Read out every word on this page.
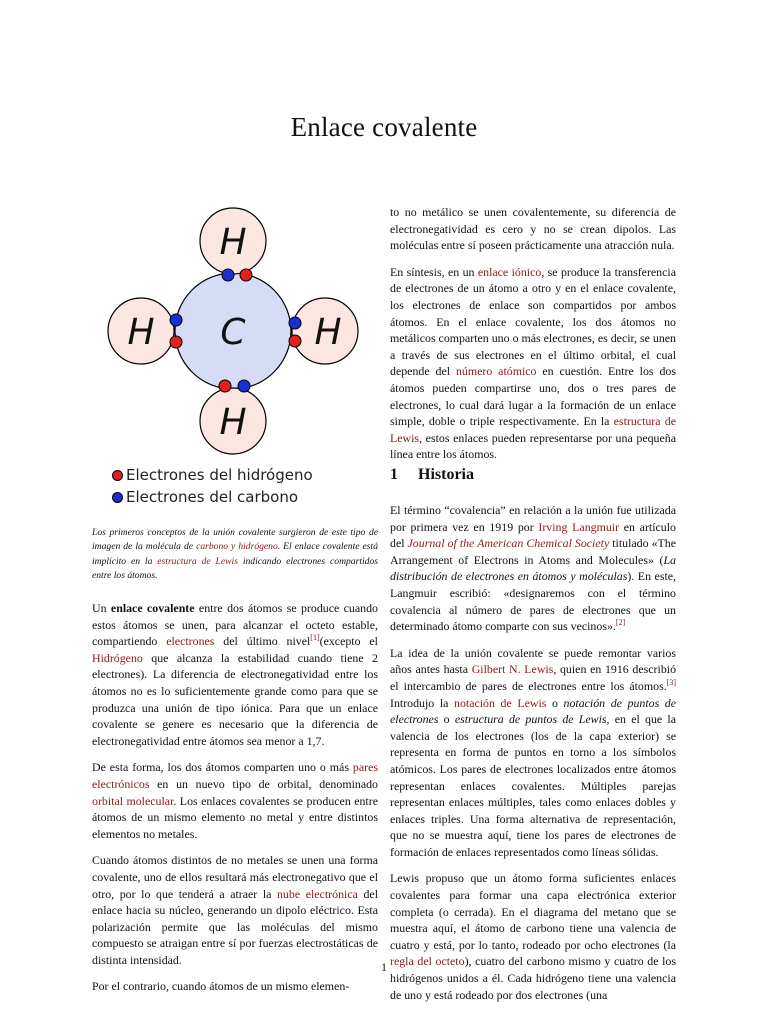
Enlace covalente
H
H C H
H
Electrones del hidrógeno
Electrones del carbono
Los primeros conceptos de la unión covalente surgieron de este tipo de imagen de la molécula de carbono y hidrógeno. El enlace covalente está implícito en la estructura de Lewis indicando electrones compartidos entre los átomos.

Un enlace covalente entre dos átomos se produce cuando estos átomos se unen, para alcanzar el octeto estable, compartiendo electrones del último nivel[1](excepto el Hidrógeno que alcanza la estabilidad cuando tiene 2 electrones). La diferencia de electronegatividad entre los átomos no es lo suficientemente grande como para que se produzca una unión de tipo iónica. Para que un enlace covalente se genere es necesario que la diferencia de electronegatividad entre átomos sea menor a 1,7.

De esta forma, los dos átomos comparten uno o más pares electrónicos en un nuevo tipo de orbital, denominado orbital molecular. Los enlaces covalentes se producen entre átomos de un mismo elemento no metal y entre distintos elementos no metales.

Cuando átomos distintos de no metales se unen una forma covalente, uno de ellos resultará más electronegativo que el otro, por lo que tenderá a atraer la nube electrónica del enlace hacia su núcleo, generando un dipolo eléctrico. Esta polarización permite que las moléculas del mismo compuesto se atraigan entre sí por fuerzas electrostáticas de distinta intensidad.

Por el contrario, cuando átomos de un mismo elemen-

to no metálico se unen covalentemente, su diferencia de electronegatividad es cero y no se crean dipolos. Las moléculas entre sí poseen prácticamente una atracción nula.

En síntesis, en un enlace iónico, se produce la transferencia de electrones de un átomo a otro y en el enlace covalente, los electrones de enlace son compartidos por ambos átomos. En el enlace covalente, los dos átomos no metálicos comparten uno o más electrones, es decir, se unen a través de sus electrones en el último orbital, el cual depende del número atómico en cuestión. Entre los dos átomos pueden compartirse uno, dos o tres pares de electrones, lo cual dará lugar a la formación de un enlace simple, doble o triple respectivamente. En la estructura de Lewis, estos enlaces pueden representarse por una pequeña línea entre los átomos.

1 Historia

El término “covalencia” en relación a la unión fue utilizada por primera vez en 1919 por Irving Langmuir en artículo del Journal of the American Chemical Society titulado «The Arrangement of Electrons in Atoms and Molecules» (La distribución de electrones en átomos y moléculas). En este, Langmuir escribió: «designaremos con el término covalencia al número de pares de electrones que un determinado átomo comparte con sus vecinos».[2]

La idea de la unión covalente se puede remontar varios años antes hasta Gilbert N. Lewis, quien en 1916 describió el intercambio de pares de electrones entre los átomos.[3] Introdujo la notación de Lewis o notación de puntos de electrones o estructura de puntos de Lewis, en el que la valencia de los electrones (los de la capa exterior) se representa en forma de puntos en torno a los símbolos atómicos. Los pares de electrones localizados entre átomos representan enlaces covalentes. Múltiples parejas representan enlaces múltiples, tales como enlaces dobles y enlaces triples. Una forma alternativa de representación, que no se muestra aquí, tiene los pares de electrones de formación de enlaces representados como líneas sólidas.

Lewis propuso que un átomo forma suficientes enlaces covalentes para formar una capa electrónica exterior completa (o cerrada). En el diagrama del metano que se muestra aquí, el átomo de carbono tiene una valencia de cuatro y está, por lo tanto, rodeado por ocho electrones (la regla del octeto), cuatro del carbono mismo y cuatro de los hidrógenos unidos a él. Cada hidrógeno tiene una valencia de uno y está rodeado por dos electrones (una

1
